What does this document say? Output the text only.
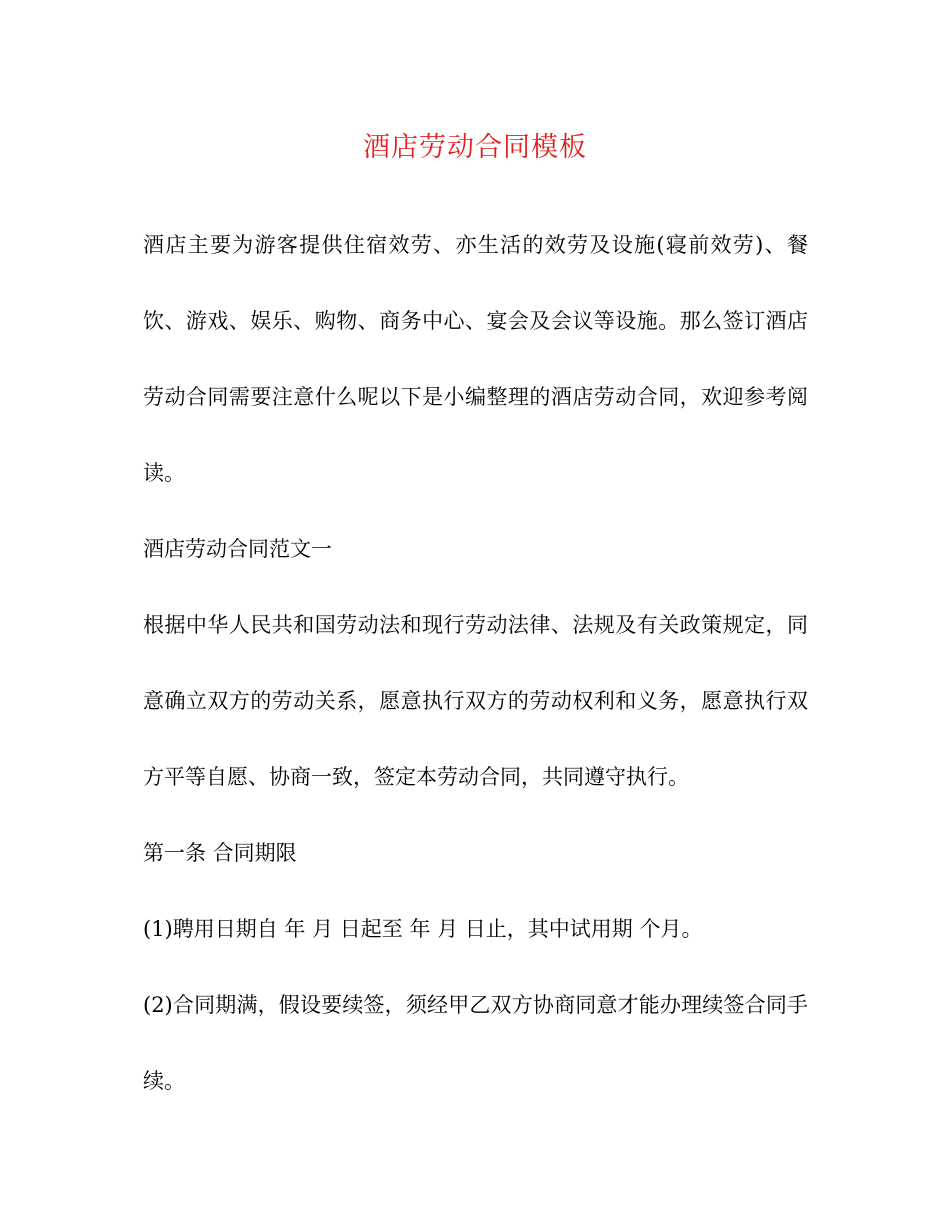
酒店劳动合同模板

酒店主要为游客提供住宿效劳、亦生活的效劳及设施(寝前效劳)、餐饮、游戏、娱乐、购物、商务中心、宴会及会议等设施。那么签订酒店劳动合同需要注意什么呢以下是小编整理的酒店劳动合同，欢迎参考阅读。

酒店劳动合同范文一

根据中华人民共和国劳动法和现行劳动法律、法规及有关政策规定，同意确立双方的劳动关系，愿意执行双方的劳动权利和义务，愿意执行双方平等自愿、协商一致，签定本劳动合同，共同遵守执行。

第一条 合同期限

(1)聘用日期自 年 月 日起至 年 月 日止，其中试用期 个月。

(2)合同期满，假设要续签，须经甲乙双方协商同意才能办理续签合同手续。
